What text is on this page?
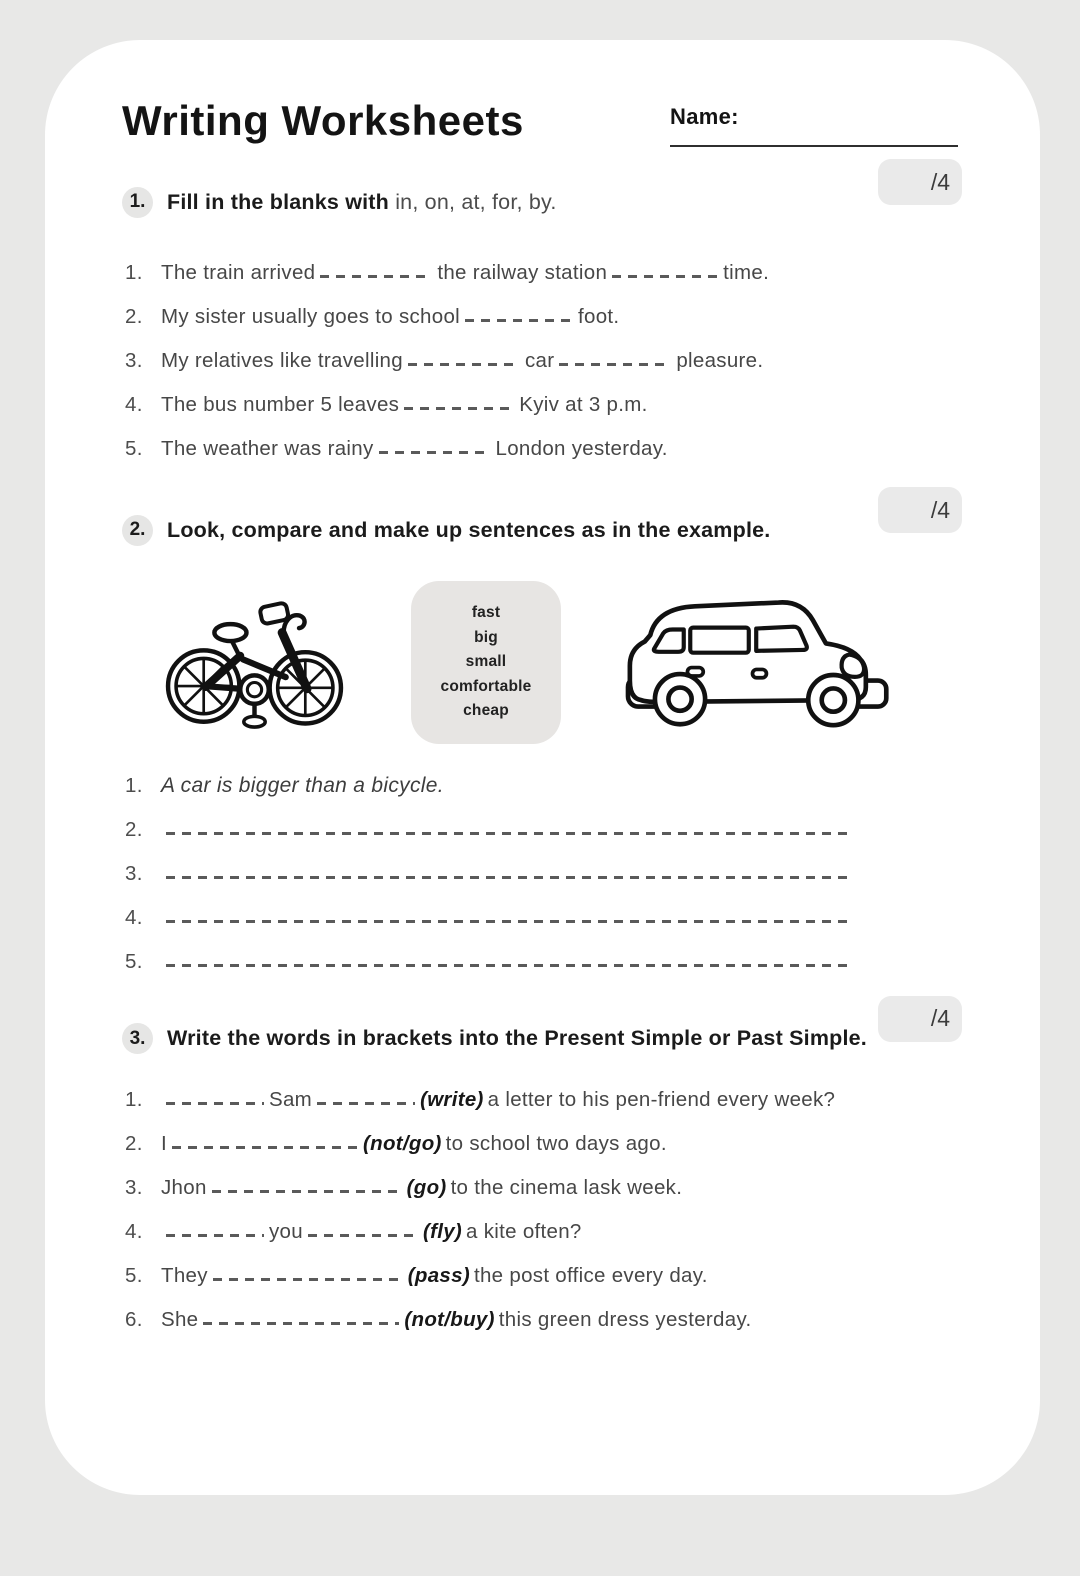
Writing Worksheets	Name:
1.	Fill in the blanks with in, on, at, for, by.
/4
1. The train arrived	the railway station	time.
2. My sister usually goes to school	foot.
3. My relatives like travelling	car	pleasure.
4. The bus number 5 leaves	Kyiv at 3 p.m.
5. The weather was rainy	London yesterday.
2.	Look, compare and make up sentences as in the example.
/4
fast
big
small
comfortable
cheap
1. A car is bigger than a bicycle.
2.
3.
4.
5.
3.	Write the words in brackets into the Present Simple or Past Simple.
/4
1.	Sam	(write) a letter to his pen-friend every week?
2. I	(not/go) to school two days ago.
3. Jhon	(go) to the cinema lask week.
4.	you	(fly) a kite often?
5. They	(pass) the post office every day.
6. She	(not/buy) this green dress yesterday.
